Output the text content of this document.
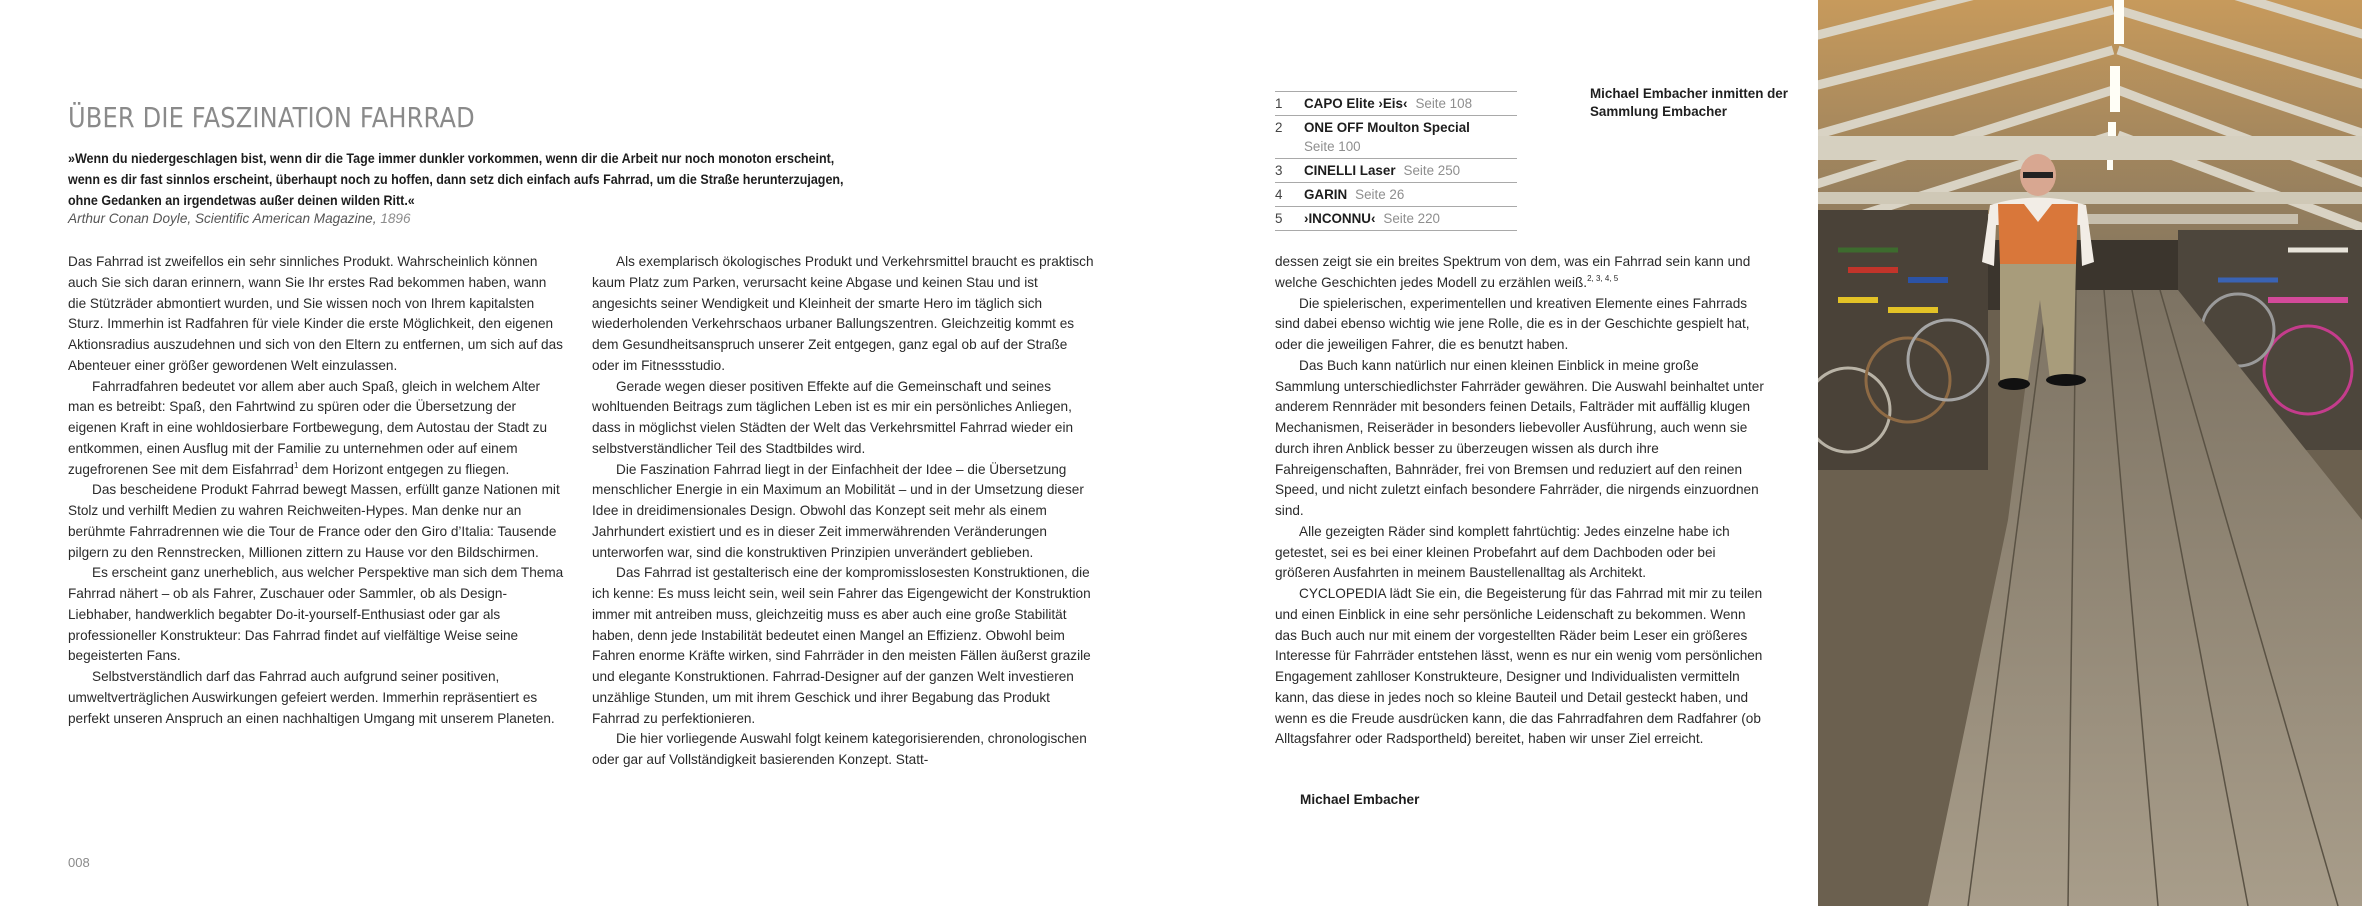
ÜBER DIE FASZINATION FAHRRAD
»Wenn du niedergeschlagen bist, wenn dir die Tage immer dunkler vorkommen, wenn dir die Arbeit nur noch monoton erscheint, wenn es dir fast sinnlos erscheint, überhaupt noch zu hoffen, dann setz dich einfach aufs Fahrrad, um die Straße herunterzujagen, ohne Gedanken an irgendetwas außer deinen wilden Ritt.«
Arthur Conan Doyle, Scientific American Magazine, 1896

Das Fahrrad ist zweifellos ein sehr sinnliches Produkt. Wahrscheinlich können auch Sie sich daran erinnern, wann Sie Ihr erstes Rad bekommen haben, wann die Stützräder abmontiert wurden, und Sie wissen noch von Ihrem kapitalsten Sturz. Immerhin ist Radfahren für viele Kinder die erste Möglichkeit, den eigenen Aktionsradius auszudehnen und sich von den Eltern zu entfernen, um sich auf das Abenteuer einer größer gewordenen Welt einzulassen.

Fahrradfahren bedeutet vor allem aber auch Spaß, gleich in welchem Alter man es betreibt: Spaß, den Fahrtwind zu spüren oder die Übersetzung der eigenen Kraft in eine wohldosierbare Fortbewegung, dem Autostau der Stadt zu entkommen, einen Ausflug mit der Familie zu unternehmen oder auf einem zugefrorenen See mit dem Eisfahrrad$^1$ dem Horizont entgegen zu fliegen.

Das bescheidene Produkt Fahrrad bewegt Massen, erfüllt ganze Nationen mit Stolz und verhilft Medien zu wahren Reichweiten-Hypes. Man denke nur an berühmte Fahrradrennen wie die Tour de France oder den Giro d’Italia: Tausende pilgern zu den Rennstrecken, Millionen zittern zu Hause vor den Bildschirmen.

Es erscheint ganz unerheblich, aus welcher Perspektive man sich dem Thema Fahrrad nähert – ob als Fahrer, Zuschauer oder Sammler, ob als Design-Liebhaber, handwerklich begabter Do-it-yourself-Enthusiast oder gar als professioneller Konstrukteur: Das Fahrrad findet auf vielfältige Weise seine begeisterten Fans.

Selbstverständlich darf das Fahrrad auch aufgrund seiner positiven, umweltverträglichen Auswirkungen gefeiert werden. Immerhin repräsentiert es perfekt unseren Anspruch an einen nachhaltigen Umgang mit unserem Planeten.

Als exemplarisch ökologisches Produkt und Verkehrsmittel braucht es praktisch kaum Platz zum Parken, verursacht keine Abgase und keinen Stau und ist angesichts seiner Wendigkeit und Kleinheit der smarte Hero im täglich sich wiederholenden Verkehrschaos urbaner Ballungszentren. Gleichzeitig kommt es dem Gesundheitsanspruch unserer Zeit entgegen, ganz egal ob auf der Straße oder im Fitnessstudio.

Gerade wegen dieser positiven Effekte auf die Gemeinschaft und seines wohltuenden Beitrags zum täglichen Leben ist es mir ein persönliches Anliegen, dass in möglichst vielen Städten der Welt das Verkehrsmittel Fahrrad wieder ein selbstverständlicher Teil des Stadtbildes wird.

Die Faszination Fahrrad liegt in der Einfachheit der Idee – die Übersetzung menschlicher Energie in ein Maximum an Mobilität – und in der Umsetzung dieser Idee in dreidimensionales Design. Obwohl das Konzept seit mehr als einem Jahrhundert existiert und es in dieser Zeit immerwährenden Veränderungen unterworfen war, sind die konstruktiven Prinzipien unverändert geblieben.

Das Fahrrad ist gestalterisch eine der kompromisslosesten Konstruktionen, die ich kenne: Es muss leicht sein, weil sein Fahrer das Eigengewicht der Konstruktion immer mit antreiben muss, gleichzeitig muss es aber auch eine große Stabilität haben, denn jede Instabilität bedeutet einen Mangel an Effizienz. Obwohl beim Fahren enorme Kräfte wirken, sind Fahrräder in den meisten Fällen äußerst grazile und elegante Konstruktionen. Fahrrad-Designer auf der ganzen Welt investieren unzählige Stunden, um mit ihrem Geschick und ihrer Begabung das Produkt Fahrrad zu perfektionieren.

Die hier vorliegende Auswahl folgt keinem kategorisierenden, chronologischen oder gar auf Vollständigkeit basierenden Konzept. Statt-

008
1	CAPO Elite ›Eis‹ Seite 108
2	ONE OFF Moulton Special
Seite 100
3	CINELLI Laser Seite 250
4	GARIN Seite 26
5	›INCONNU‹ Seite 220
Michael Embacher inmitten der Sammlung Embacher

dessen zeigt sie ein breites Spektrum von dem, was ein Fahrrad sein kann und welche Geschichten jedes Modell zu erzählen weiß.$^{2, 3, 4, 5}$

Die spielerischen, experimentellen und kreativen Elemente eines Fahrrads sind dabei ebenso wichtig wie jene Rolle, die es in der Geschichte gespielt hat, oder die jeweiligen Fahrer, die es benutzt haben.

Das Buch kann natürlich nur einen kleinen Einblick in meine große Sammlung unterschiedlichster Fahrräder gewähren. Die Auswahl beinhaltet unter anderem Rennräder mit besonders feinen Details, Falträder mit auffällig klugen Mechanismen, Reiseräder in besonders liebevoller Ausführung, auch wenn sie durch ihren Anblick besser zu überzeugen wissen als durch ihre Fahreigenschaften, Bahnräder, frei von Bremsen und reduziert auf den reinen Speed, und nicht zuletzt einfach besondere Fahrräder, die nirgends einzuordnen sind.

Alle gezeigten Räder sind komplett fahrtüchtig: Jedes einzelne habe ich getestet, sei es bei einer kleinen Probefahrt auf dem Dachboden oder bei größeren Ausfahrten in meinem Baustellenalltag als Architekt.

CYCLOPEDIA lädt Sie ein, die Begeisterung für das Fahrrad mit mir zu teilen und einen Einblick in eine sehr persönliche Leidenschaft zu bekommen. Wenn das Buch auch nur mit einem der vorgestellten Räder beim Leser ein größeres Interesse für Fahrräder entstehen lässt, wenn es nur ein wenig vom persönlichen Engagement zahlloser Konstrukteure, Designer und Individualisten vermitteln kann, das diese in jedes noch so kleine Bauteil und Detail gesteckt haben, und wenn es die Freude ausdrücken kann, die das Fahrradfahren dem Radfahrer (ob Alltagsfahrer oder Radsportheld) bereitet, haben wir unser Ziel erreicht.

Michael Embacher
